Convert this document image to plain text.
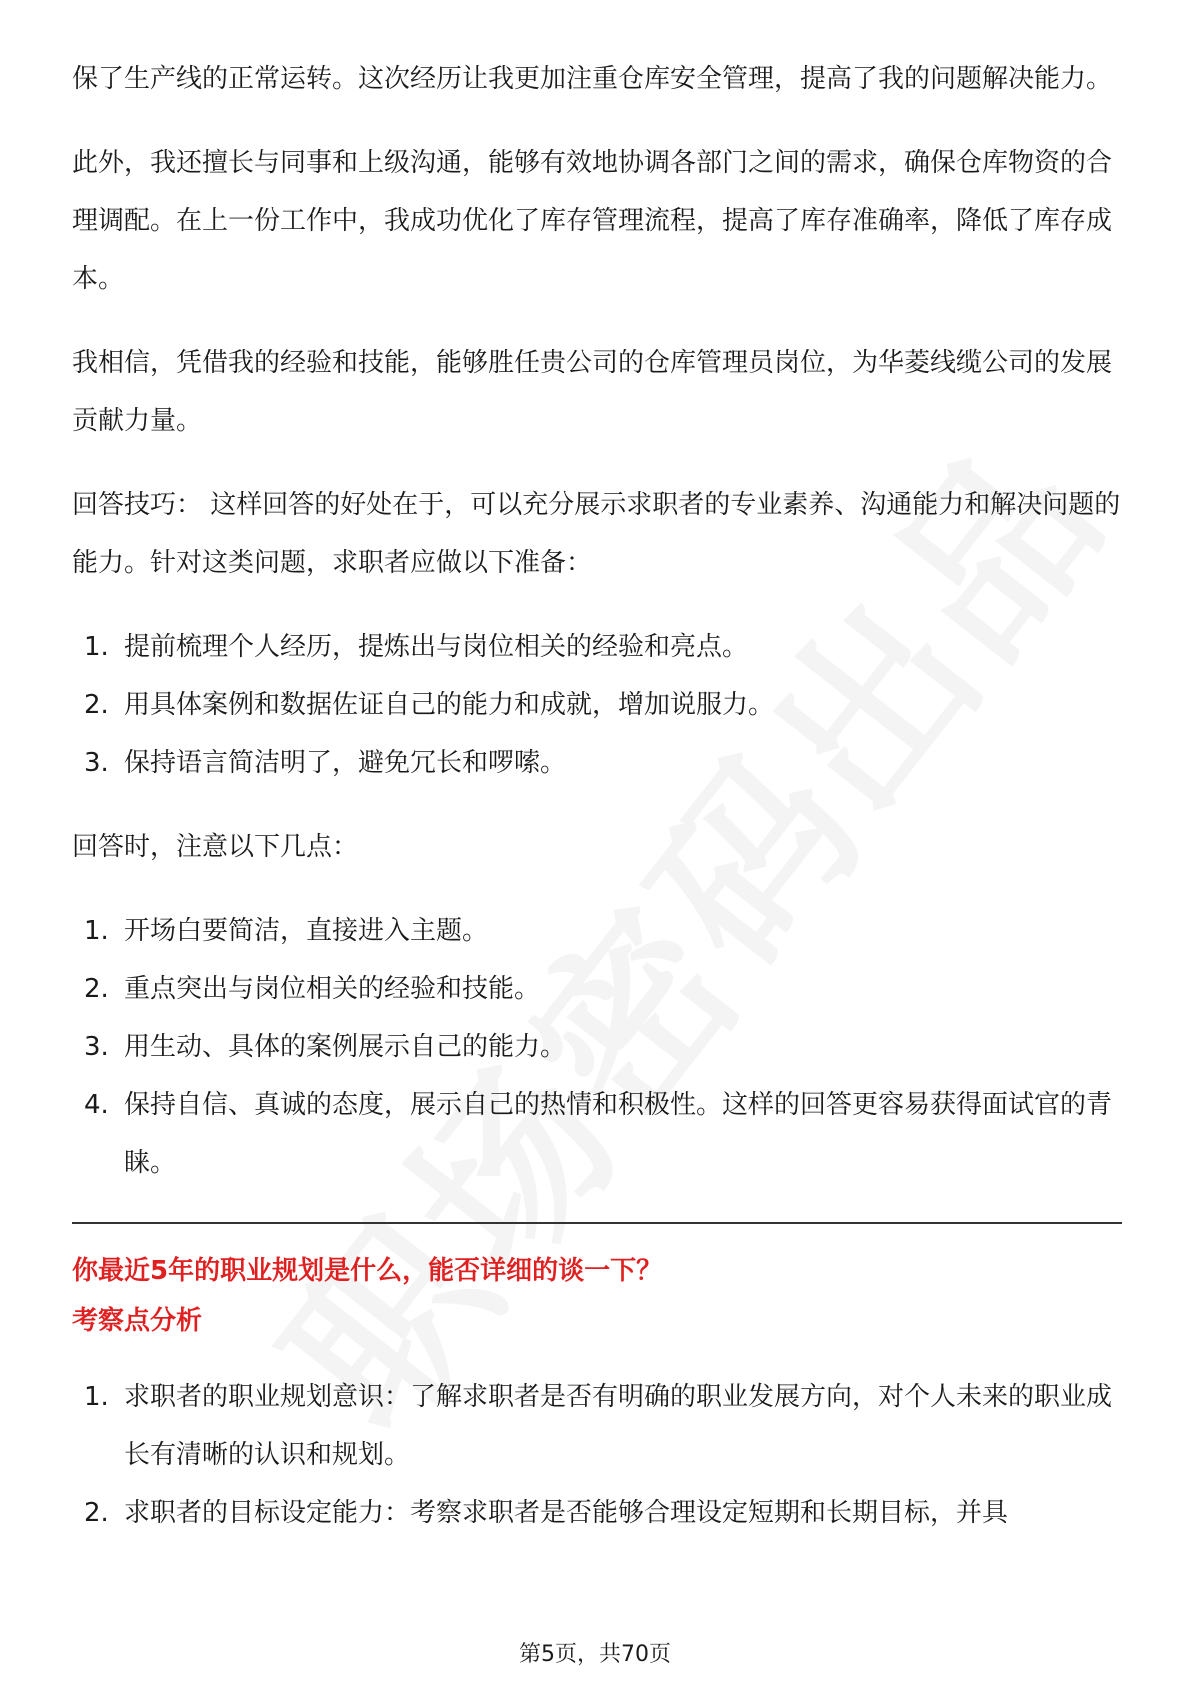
保了生产线的正常运转。这次经历让我更加注重仓库安全管理，提高了我的问题解决能力。

此外，我还擅长与同事和上级沟通，能够有效地协调各部门之间的需求，确保仓库物资的合理调配。在上一份工作中，我成功优化了库存管理流程，提高了库存准确率，降低了库存成本。

我相信，凭借我的经验和技能，能够胜任贵公司的仓库管理员岗位，为华菱线缆公司的发展贡献力量。

回答技巧： 这样回答的好处在于，可以充分展示求职者的专业素养、沟通能力和解决问题的能力。针对这类问题，求职者应做以下准备：

1. 提前梳理个人经历，提炼出与岗位相关的经验和亮点。
2. 用具体案例和数据佐证自己的能力和成就，增加说服力。
3. 保持语言简洁明了，避免冗长和啰嗦。

回答时，注意以下几点：

1. 开场白要简洁，直接进入主题。
2. 重点突出与岗位相关的经验和技能。
3. 用生动、具体的案例展示自己的能力。
4. 保持自信、真诚的态度，展示自己的热情和积极性。这样的回答更容易获得面试官的青睐。
你最近5年的职业规划是什么，能否详细的谈一下？
考察点分析
1. 求职者的职业规划意识：了解求职者是否有明确的职业发展方向，对个人未来的职业成长有清晰的认识和规划。
2. 求职者的目标设定能力：考察求职者是否能够合理设定短期和长期目标，并具
第5页，共70页
